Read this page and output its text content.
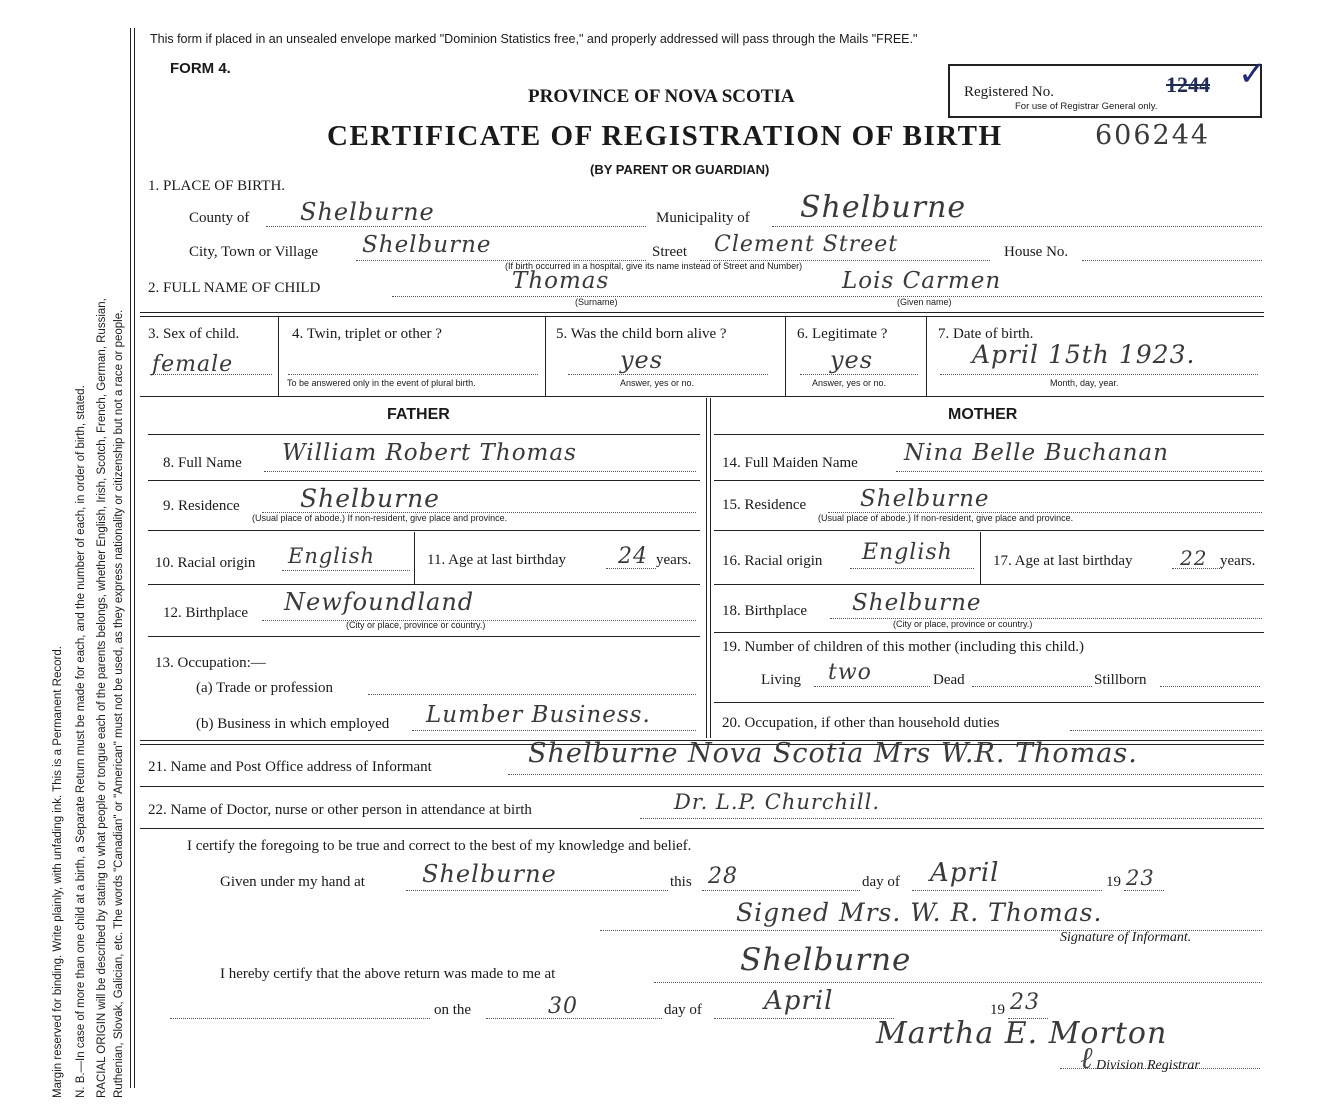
Margin reserved for binding. Write plainly, with unfading ink. This is a Permanent Record. N. B.—In case of more than one child at a birth, a Separate Return must be made for each, and the number of each, in order of birth, stated. RACIAL ORIGIN will be described by stating to what people or tongue each of the parents belongs, whether English, Irish, Scotch, French, German, Russian, Ruthenian, Slovak, Galician, etc. The words "Canadian" or "American" must not be used, as they express nationality or citizenship but not a race or people.
This form if placed in an unsealed envelope marked "Dominion Statistics free," and properly addressed will pass through the Mails "FREE."
FORM 4.
PROVINCE OF NOVA SCOTIA
CERTIFICATE OF REGISTRATION OF BIRTH	606244
(BY PARENT OR GUARDIAN)
Registered No.	1244 ✓
For use of Registrar General only.
1. PLACE OF BIRTH.
County of Shelburne	Municipality of Shelburne
City, Town or Village Shelburne	Street Clement Street	House No.
(If birth occurred in a hospital, give its name instead of Street and Number)
2. FULL NAME OF CHILD	Thomas	Lois Carmen
(Surname)	(Given name)
3. Sex of child.
female
4. Twin, triplet or other ?
To be answered only in the event of plural birth.
5. Was the child born alive ?
yes
Answer, yes or no.
6. Legitimate ?
yes
Answer, yes or no.
7. Date of birth.
April 15th 1923.
Month, day, year.
FATHER	MOTHER
8. Full Name William Robert Thomas
9. Residence Shelburne
(Usual place of abode.) If non-resident, give place and province.
10. Racial origin English	11. Age at last birthday 24 years.
12. Birthplace Newfoundland
(City or place, province or country.)
13. Occupation:—
(a) Trade or profession
(b) Business in which employed Lumber Business.
14. Full Maiden Name Nina Belle Buchanan
15. Residence Shelburne
(Usual place of abode.) If non-resident, give place and province.
16. Racial origin English	17. Age at last birthday 22 years.
18. Birthplace Shelburne
(City or place, province or country.)
19. Number of children of this mother (including this child.)
Living two	Dead	Stillborn
20. Occupation, if other than household duties
21. Name and Post Office address of Informant	Shelburne Nova Scotia Mrs W.R. Thomas.
22. Name of Doctor, nurse or other person in attendance at birth	Dr. L.P. Churchill.
I certify the foregoing to be true and correct to the best of my knowledge and belief.
Given under my hand at Shelburne	this 28	day of April	19 23
Signed Mrs. W. R. Thomas.
Signature of Informant.
I hereby certify that the above return was made to me at	Shelburne
on the	30	day of April	19 23
Martha E. Morton
ℓ Division Registrar
